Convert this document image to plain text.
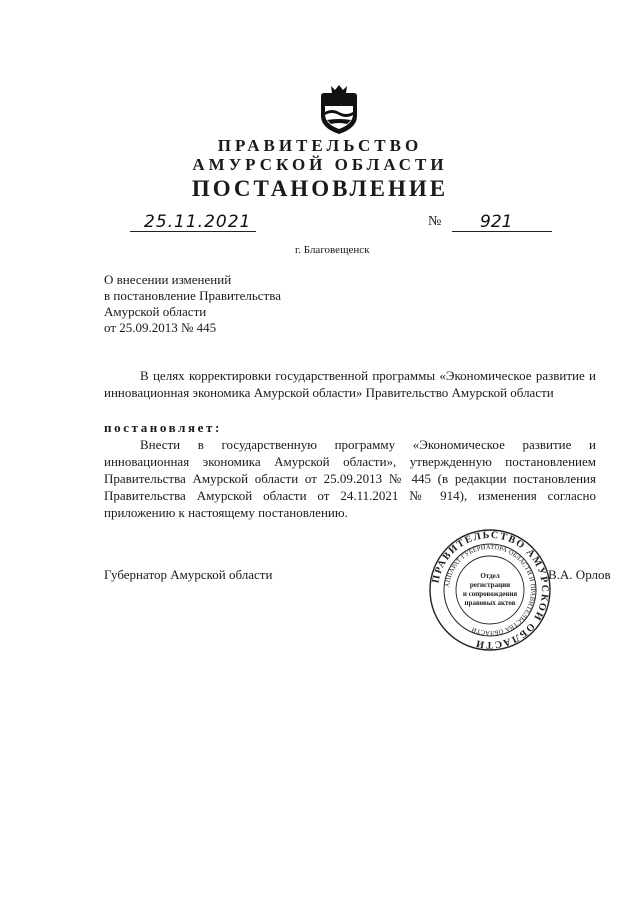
ПРАВИТЕЛЬСТВО
АМУРСКОЙ ОБЛАСТИ
ПОСТАНОВЛЕНИЕ
25.11.2021	№ 921
г. Благовещенск
О внесении изменений
в постановление Правительства
Амурской области
от 25.09.2013 № 445
В целях корректировки государственной программы «Экономическое развитие и инновационная экономика Амурской области» Правительство Амурской области
постановляет:
Внести в государственную программу «Экономическое развитие и инновационная экономика Амурской области», утвержденную постановлением Правительства Амурской области от 25.09.2013 № 445 (в редакции постановления Правительства Амурской области от 24.11.2021 № 914), изменения согласно приложению к настоящему постановлению.
Губернатор Амурской области	В.А. Орлов
ПРАВИТЕЛЬСТВО АМУРСКОЙ ОБЛАСТИ
АППАРАТ ГУБЕРНАТОРА ОБЛАСТИ И ПРАВИТЕЛЬСТВА ОБЛАСТИ
Отдел
регистрации
и сопровождения
правовых актов
